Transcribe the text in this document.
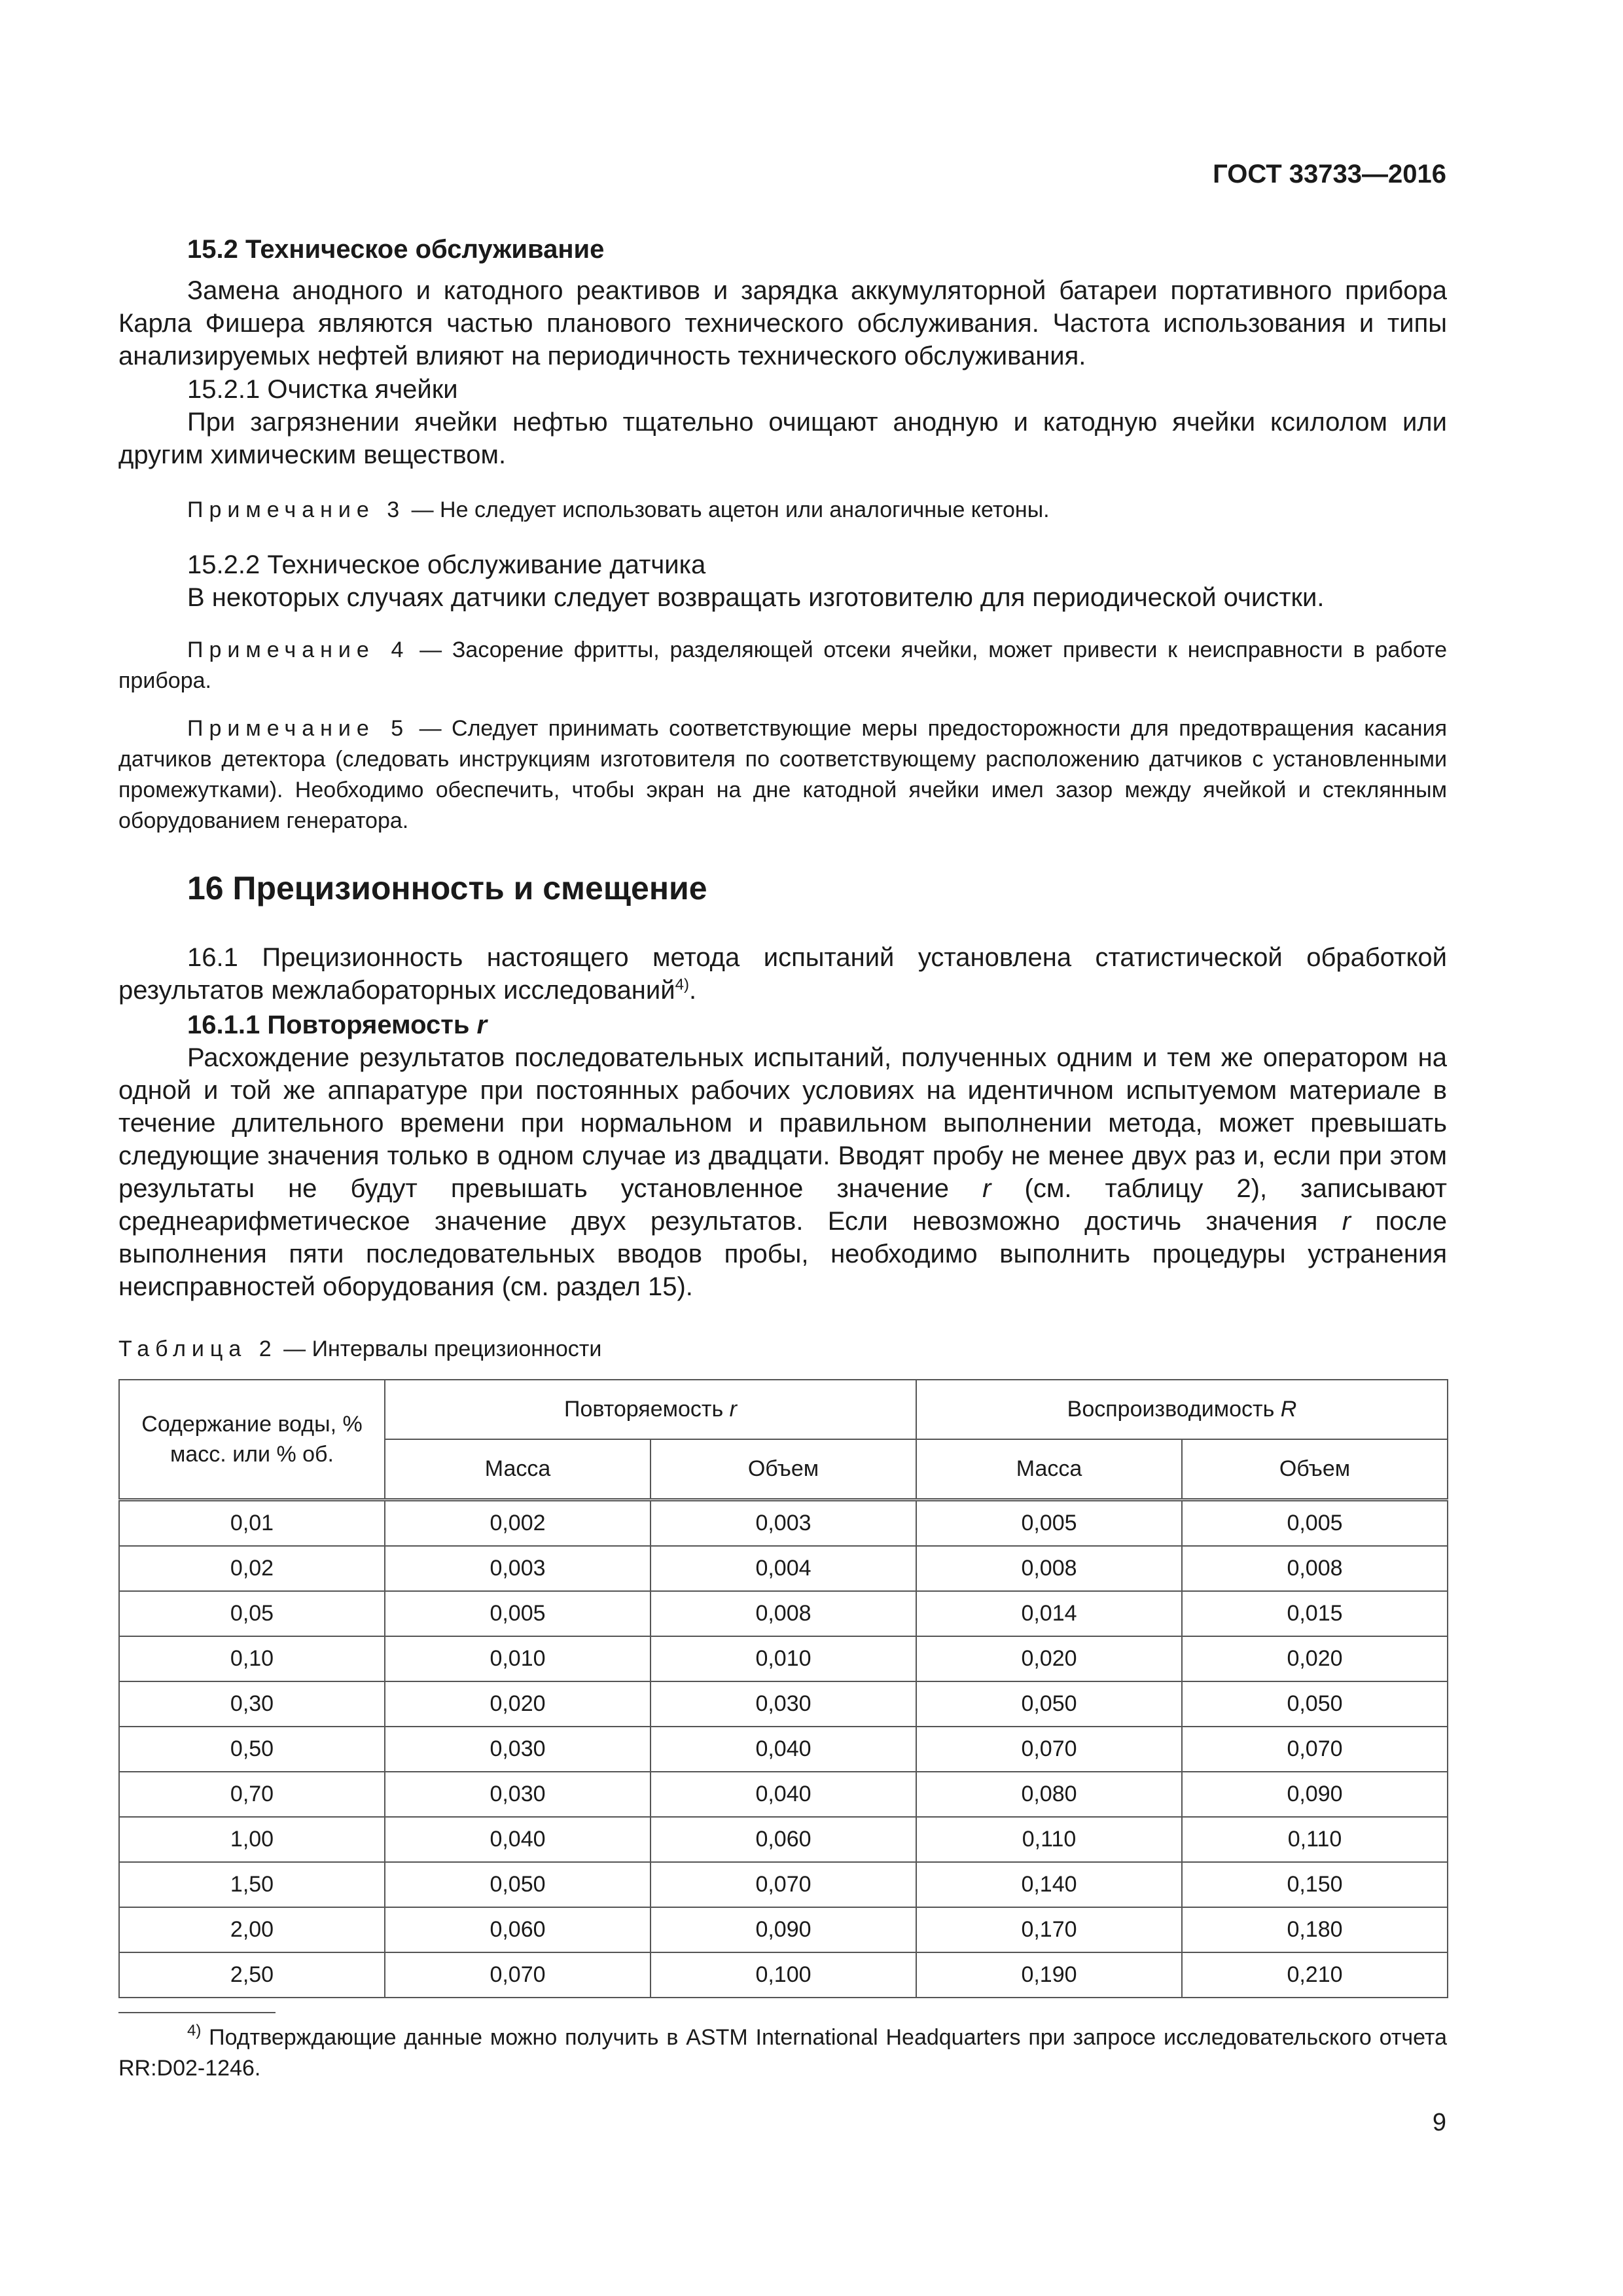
ГОСТ 33733—2016
15.2 Техническое обслуживание
Замена анодного и катодного реактивов и зарядка аккумуляторной батареи портативного прибора Карла Фишера являются частью планового технического обслуживания. Частота использования и типы анализируемых нефтей влияют на периодичность технического обслуживания.
15.2.1 Очистка ячейки
При загрязнении ячейки нефтью тщательно очищают анодную и катодную ячейки ксилолом или другим химическим веществом.
Примечание 3 — Не следует использовать ацетон или аналогичные кетоны.
15.2.2 Техническое обслуживание датчика
В некоторых случаях датчики следует возвращать изготовителю для периодической очистки.
Примечание 4 — Засорение фритты, разделяющей отсеки ячейки, может привести к неисправности в работе прибора.
Примечание 5 — Следует принимать соответствующие меры предосторожности для предотвращения касания датчиков детектора (следовать инструкциям изготовителя по соответствующему расположению датчиков с установленными промежутками). Необходимо обеспечить, чтобы экран на дне катодной ячейки имел зазор между ячейкой и стеклянным оборудованием генератора.
16 Прецизионность и смещение
16.1 Прецизионность настоящего метода испытаний установлена статистической обработкой результатов межлабораторных исследований$^{4)}$.
16.1.1 Повторяемость r
Расхождение результатов последовательных испытаний, полученных одним и тем же оператором на одной и той же аппаратуре при постоянных рабочих условиях на идентичном испытуемом материале в течение длительного времени при нормальном и правильном выполнении метода, может превышать следующие значения только в одном случае из двадцати. Вводят пробу не менее двух раз и, если при этом результаты не будут превышать установленное значение r (см. таблицу 2), записывают среднеарифметическое значение двух результатов. Если невозможно достичь значения r после выполнения пяти последовательных вводов пробы, необходимо выполнить процедуры устранения неисправностей оборудования (см. раздел 15).
Таблица 2 — Интервалы прецизионности
Содержание воды, % масс. или % об.	Повторяемость r		Воспроизводимость R	
	Масса	Объем	Масса	Объем
0,01	0,002	0,003	0,005	0,005
0,02	0,003	0,004	0,008	0,008
0,05	0,005	0,008	0,014	0,015
0,10	0,010	0,010	0,020	0,020
0,30	0,020	0,030	0,050	0,050
0,50	0,030	0,040	0,070	0,070
0,70	0,030	0,040	0,080	0,090
1,00	0,040	0,060	0,110	0,110
1,50	0,050	0,070	0,140	0,150
2,00	0,060	0,090	0,170	0,180
2,50	0,070	0,100	0,190	0,210
$^{4)}$ Подтверждающие данные можно получить в ASTM International Headquarters при запросе исследовательского отчета RR:D02-1246.
9
